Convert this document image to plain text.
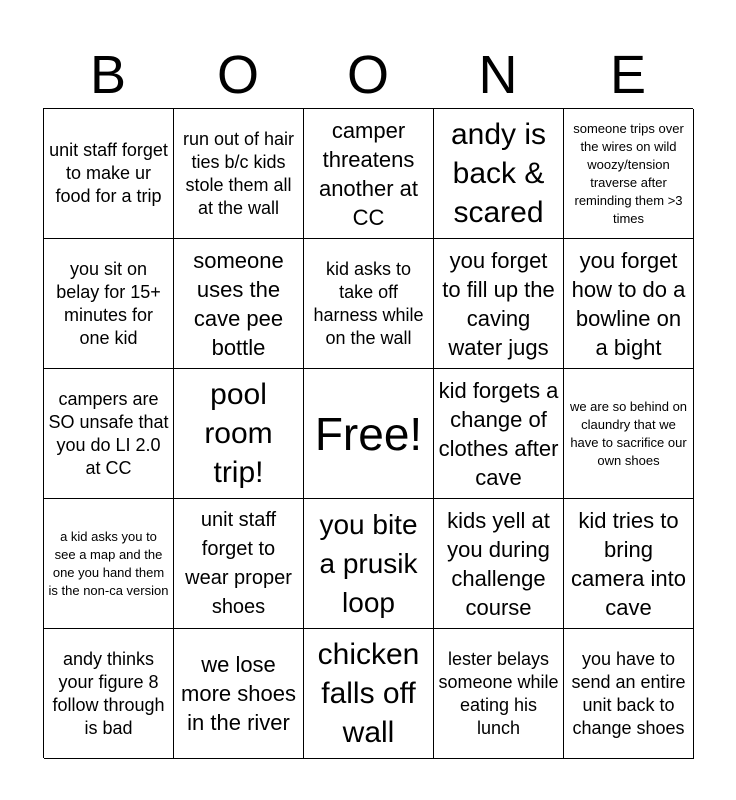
B	O	O	N	E
unit staff forget to make ur food for a trip
run out of hair ties b/c kids stole them all at the wall
camper threatens another at CC
andy is back & scared
someone trips over the wires on wild woozy/tension traverse after reminding them >3 times
you sit on belay for 15+ minutes for one kid
someone uses the cave pee bottle
kid asks to take off harness while on the wall
you forget to fill up the caving water jugs
you forget how to do a bowline on a bight
campers are SO unsafe that you do LI 2.0 at CC
pool room trip!
Free!
kid forgets a change of clothes after cave
we are so behind on claundry that we have to sacrifice our own shoes
a kid asks you to see a map and the one you hand them is the non-ca version
unit staff forget to wear proper shoes
you bite a prusik loop
kids yell at you during challenge course
kid tries to bring camera into cave
andy thinks your figure 8 follow through is bad
we lose more shoes in the river
chicken falls off wall
lester belays someone while eating his lunch
you have to send an entire unit back to change shoes
